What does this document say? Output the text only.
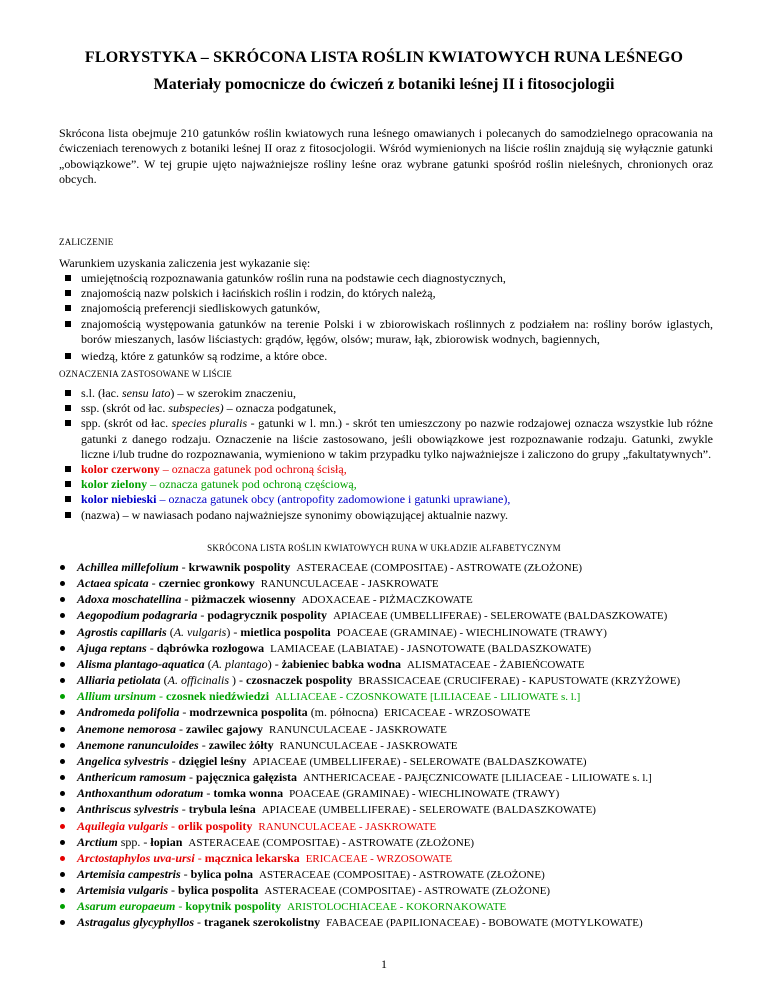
FLORYSTYKA – SKRÓCONA LISTA ROŚLIN KWIATOWYCH RUNA LEŚNEGO
Materiały pomocnicze do ćwiczeń z botaniki leśnej II i fitosocjologii
Skrócona lista obejmuje 210 gatunków roślin kwiatowych runa leśnego omawianych i polecanych do samodzielnego opracowania na ćwiczeniach terenowych z botaniki leśnej II oraz z fitosocjologii. Wśród wymienionych na liście roślin znajdują się wyłącznie gatunki „obowiązkowe”. W tej grupie ujęto najważniejsze rośliny leśne oraz wybrane gatunki spośród roślin nieleśnych, chronionych oraz obcych.
ZALICZENIE
Warunkiem uzyskania zaliczenia jest wykazanie się:
umiejętnością rozpoznawania gatunków roślin runa na podstawie cech diagnostycznych,
znajomością nazw polskich i łacińskich roślin i rodzin, do których należą,
znajomością preferencji siedliskowych gatunków,
znajomością występowania gatunków na terenie Polski i w zbiorowiskach roślinnych z podziałem na: rośliny borów iglastych, borów mieszanych, lasów liściastych: grądów, łęgów, olsów; muraw, łąk, zbiorowisk wodnych, bagiennych,
wiedzą, które z gatunków są rodzime, a które obce.
OZNACZENIA ZASTOSOWANE W LIŚCIE
s.l. (łac. sensu lato) – w szerokim znaczeniu,
ssp. (skrót od łac. subspecies) – oznacza podgatunek,
spp. (skrót od łac. species pluralis - gatunki w l. mn.) - skrót ten umieszczony po nazwie rodzajowej oznacza wszystkie lub różne gatunki z danego rodzaju. Oznaczenie na liście zastosowano, jeśli obowiązkowe jest rozpoznawanie rodzaju. Gatunki, zwykle liczne i/lub trudne do rozpoznawania, wymieniono w takim przypadku tylko najważniejsze i zaliczono do grupy „fakultatywnych”.
kolor czerwony – oznacza gatunek pod ochroną ścisłą,
kolor zielony – oznacza gatunek pod ochroną częściową,
kolor niebieski – oznacza gatunek obcy (antropofity zadomowione i gatunki uprawiane),
(nazwa) – w nawiasach podano najważniejsze synonimy obowiązującej aktualnie nazwy.
SKRÓCONA LISTA ROŚLIN KWIATOWYCH RUNA W UKŁADZIE ALFABETYCZNYM
Achillea millefolium - krwawnik pospolity ASTERACEAE (COMPOSITAE) - ASTROWATE (ZŁOŻONE)
Actaea spicata - czerniec gronkowy RANUNCULACEAE - JASKROWATE
Adoxa moschatellina - piżmaczek wiosenny ADOXACEAE - PIŻMACZKOWATE
Aegopodium podagraria - podagrycznik pospolity APIACEAE (UMBELLIFERAE) - SELEROWATE (BALDASZKOWATE)
Agrostis capillaris (A. vulgaris) - mietlica pospolita POACEAE (GRAMINAE) - WIECHLINOWATE (TRAWY)
Ajuga reptans - dąbrówka rozłogowa LAMIACEAE (LABIATAE) - JASNOTOWATE (BALDASZKOWATE)
Alisma plantago-aquatica (A. plantago) - żabieniec babka wodna ALISMATACEAE - ŻABIEŃCOWATE
Alliaria petiolata (A. officinalis ) - czosnaczek pospolity BRASSICACEAE (CRUCIFERAE) - KAPUSTOWATE (KRZYŻOWE)
Allium ursinum - czosnek niedźwiedzi ALLIACEAE - CZOSNKOWATE [LILIACEAE - LILIOWATE s. l.]
Andromeda polifolia - modrzewnica pospolita (m. północna) ERICACEAE - WRZOSOWATE
Anemone nemorosa - zawilec gajowy RANUNCULACEAE - JASKROWATE
Anemone ranunculoides - zawilec żółty RANUNCULACEAE - JASKROWATE
Angelica sylvestris - dzięgiel leśny APIACEAE (UMBELLIFERAE) - SELEROWATE (BALDASZKOWATE)
Anthericum ramosum - pajęcznica gałęzista ANTHERICACEAE - PAJĘCZNICOWATE [LILIACEAE - LILIOWATE s. l.]
Anthoxanthum odoratum - tomka wonna POACEAE (GRAMINAE) - WIECHLINOWATE (TRAWY)
Anthriscus sylvestris - trybula leśna APIACEAE (UMBELLIFERAE) - SELEROWATE (BALDASZKOWATE)
Aquilegia vulgaris - orlik pospolity RANUNCULACEAE - JASKROWATE
Arctium spp. - łopian ASTERACEAE (COMPOSITAE) - ASTROWATE (ZŁOŻONE)
Arctostaphylos uva-ursi - mącznica lekarska ERICACEAE - WRZOSOWATE
Artemisia campestris - bylica polna ASTERACEAE (COMPOSITAE) - ASTROWATE (ZŁOŻONE)
Artemisia vulgaris - bylica pospolita ASTERACEAE (COMPOSITAE) - ASTROWATE (ZŁOŻONE)
Asarum europaeum - kopytnik pospolity ARISTOLOCHIACEAE - KOKORNAKOWATE
Astragalus glycyphyllos - traganek szerokolistny FABACEAE (PAPILIONACEAE) - BOBOWATE (MOTYLKOWATE)
1
